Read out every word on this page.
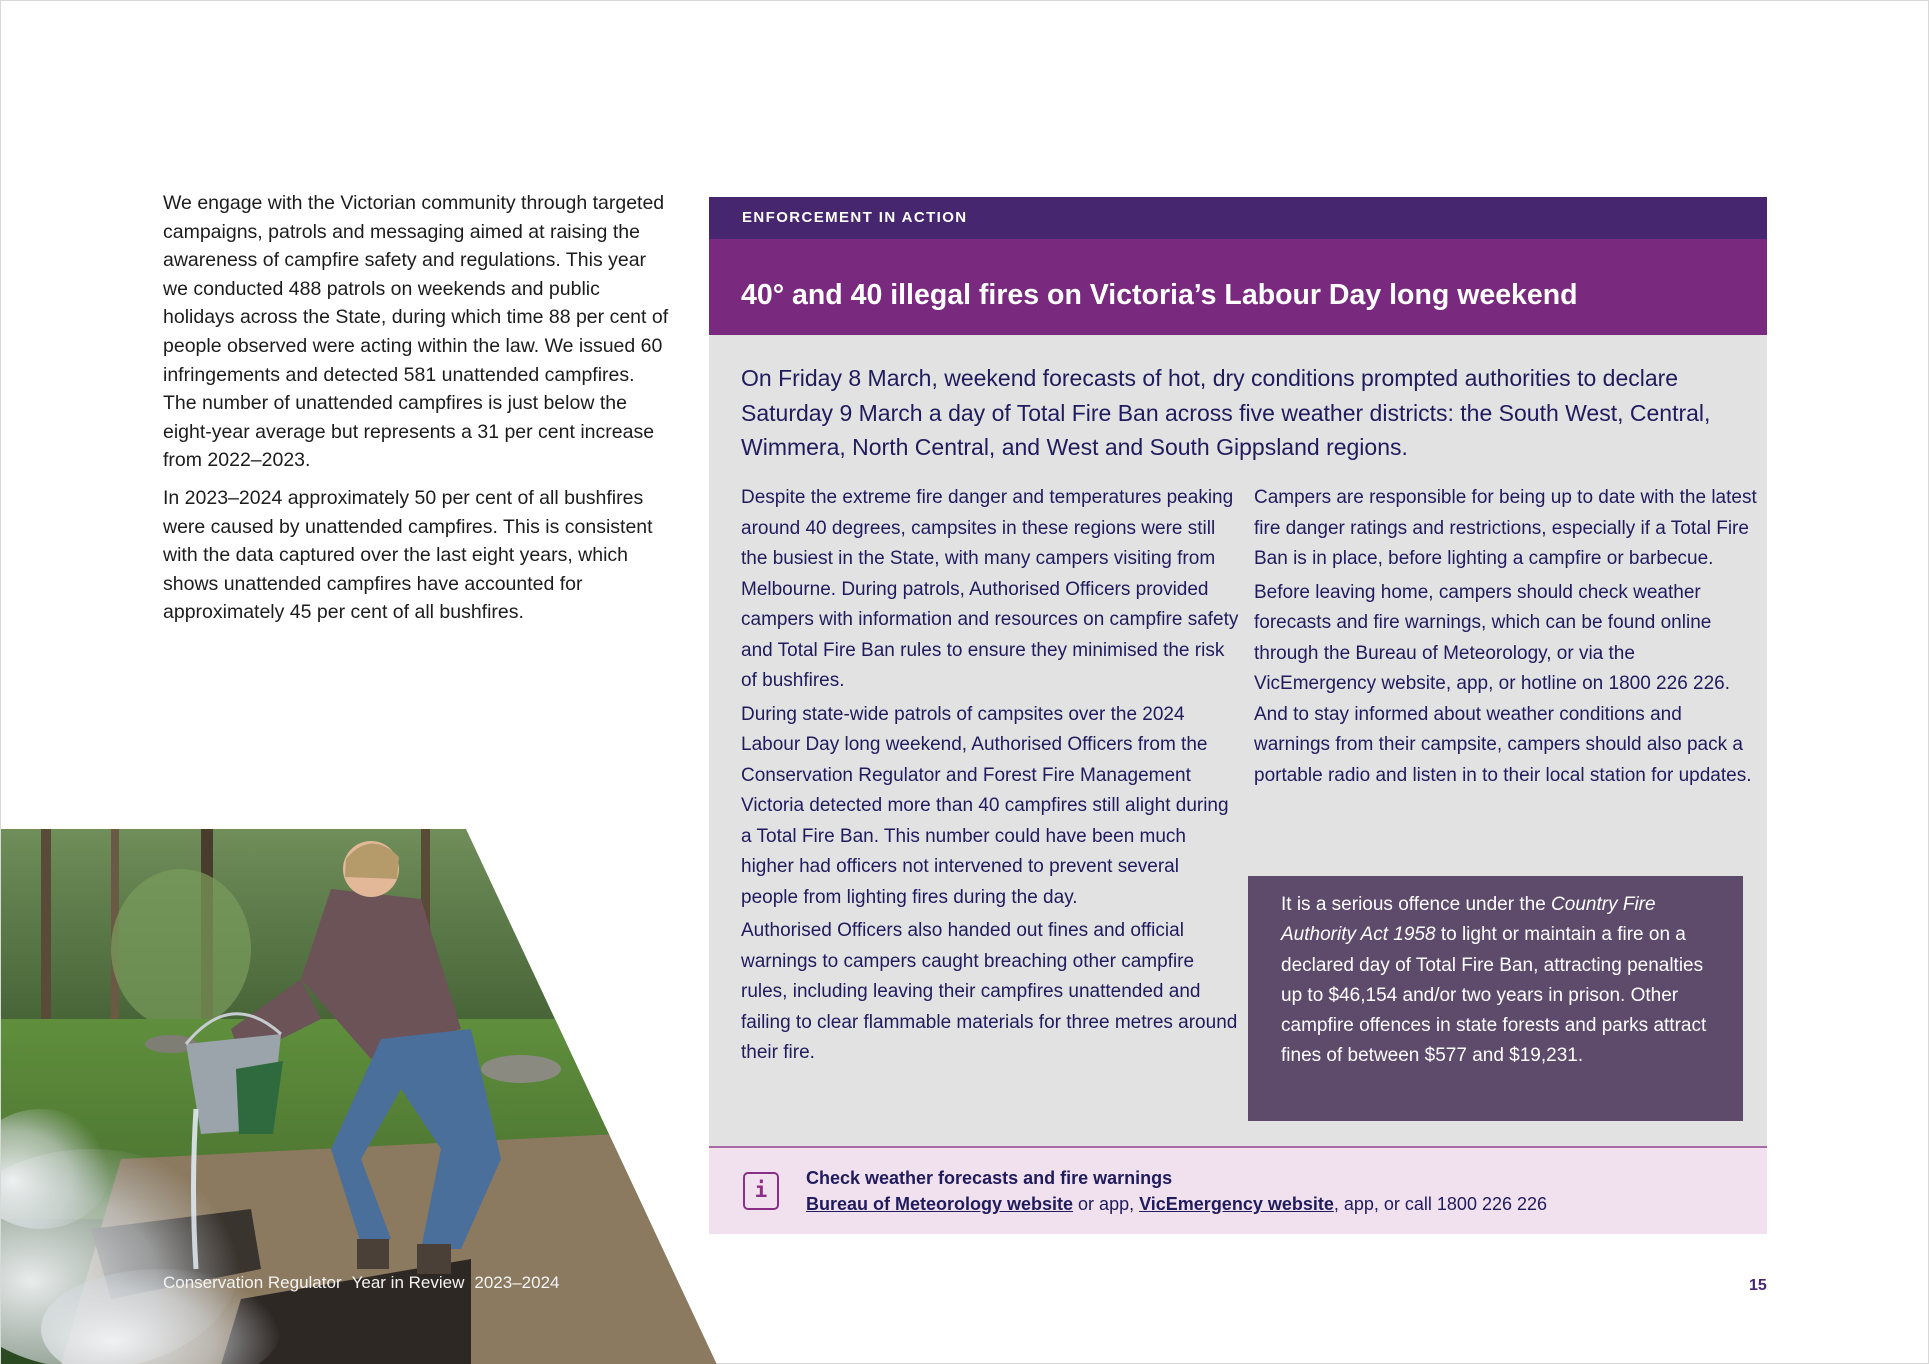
We engage with the Victorian community through targeted campaigns, patrols and messaging aimed at raising the awareness of campfire safety and regulations. This year we conducted 488 patrols on weekends and public holidays across the State, during which time 88 per cent of people observed were acting within the law. We issued 60 infringements and detected 581 unattended campfires. The number of unattended campfires is just below the eight-year average but represents a 31 per cent increase from 2022–2023.

In 2023–2024 approximately 50 per cent of all bushfires were caused by unattended campfires. This is consistent with the data captured over the last eight years, which shows unattended campfires have accounted for approximately 45 per cent of all bushfires.

Conservation Regulator Year in Review 2023–2024
ENFORCEMENT IN ACTION
40° and 40 illegal fires on Victoria’s Labour Day long weekend

On Friday 8 March, weekend forecasts of hot, dry conditions prompted authorities to declare Saturday 9 March a day of Total Fire Ban across five weather districts: the South West, Central, Wimmera, North Central, and West and South Gippsland regions.

Despite the extreme fire danger and temperatures peaking around 40 degrees, campsites in these regions were still the busiest in the State, with many campers visiting from Melbourne. During patrols, Authorised Officers provided campers with information and resources on campfire safety and Total Fire Ban rules to ensure they minimised the risk of bushfires.

During state-wide patrols of campsites over the 2024 Labour Day long weekend, Authorised Officers from the Conservation Regulator and Forest Fire Management Victoria detected more than 40 campfires still alight during a Total Fire Ban. This number could have been much higher had officers not intervened to prevent several people from lighting fires during the day.

Authorised Officers also handed out fines and official warnings to campers caught breaching other campfire rules, including leaving their campfires unattended and failing to clear flammable materials for three metres around their fire.

Campers are responsible for being up to date with the latest fire danger ratings and restrictions, especially if a Total Fire Ban is in place, before lighting a campfire or barbecue.

Before leaving home, campers should check weather forecasts and fire warnings, which can be found online through the Bureau of Meteorology, or via the VicEmergency website, app, or hotline on 1800 226 226. And to stay informed about weather conditions and warnings from their campsite, campers should also pack a portable radio and listen in to their local station for updates.

It is a serious offence under the Country Fire Authority Act 1958 to light or maintain a fire on a declared day of Total Fire Ban, attracting penalties up to $46,154 and/or two years in prison. Other campfire offences in state forests and parks attract fines of between $577 and $19,231.
i	Check weather forecasts and fire warnings
Bureau of Meteorology website or app, VicEmergency website, app, or call 1800 226 226
15
